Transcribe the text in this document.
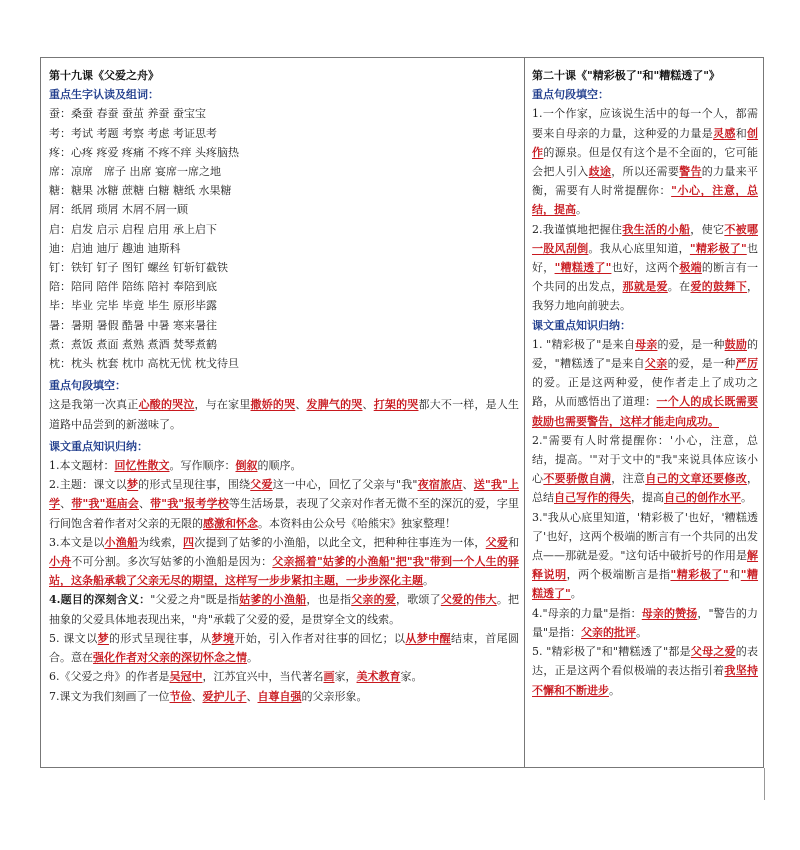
第十九课《父爱之舟》
重点生字认读及组词：
蚕：桑蚕 春蚕 蚕茧 养蚕 蚕宝宝
考：考试 考题 考察 考虑 考证思考
疼：心疼 疼爱 疼痛 不疼不痒 头疼脑热
席：凉席　席子 出席 宴席一席之地
糖：糖果 冰糖 蔗糖 白糖 糖纸 水果糖
屑：纸屑 琐屑 木屑不屑一顾
启：启发 启示 启程 启用 承上启下
迪：启迪 迪厅 趣迪 迪斯科
钉：铁钉 钉子 图钉 螺丝 钉斩钉截铁
陪：陪同 陪伴 陪练 陪衬 奉陪到底
毕：毕业 完毕 毕竟 毕生 原形毕露
暑：暑期 暑假 酷暑 中暑 寒来暑往
煮：煮饭 煮面 煮熟 煮酒 焚琴煮鹤
枕：枕头 枕套 枕巾 高枕无忧 枕戈待旦
重点句段填空：
这是我第一次真正心酸的哭泣，与在家里撒娇的哭、发脾气的哭、打架的哭都大不一样，是人生道路中品尝到的新滋味了。
课文重点知识归纳：
1.本文题材：回忆性散文。写作顺序：倒叙的顺序。
2.主题：课文以梦的形式呈现往事，围绕父爱这一中心，回忆了父亲与"我"夜宿旅店、送"我"上学、带"我"逛庙会、带"我"报考学校等生活场景，表现了父亲对作者无微不至的深沉的爱，字里行间饱含着作者对父亲的无限的感激和怀念。本资料由公众号《哈熊宋》独家整理！
3.本文是以小渔船为线索，四次提到了姑爹的小渔船，以此全文，把种种往事连为一体，父爱和小舟不可分割。多次写姑爹的小渔船是因为：父亲摇着"姑爹的小渔船"把"我"带到一个人生的驿站，这条船承载了父亲无尽的期望，这样写一步步紧扣主题，一步步深化主题。
4.题目的深刻含义："父爱之舟"既是指姑爹的小渔船，也是指父亲的爱，歌颂了父爱的伟大。把抽象的父爱具体地表现出来，"舟"承载了父爱的爱，是贯穿全文的线索。
5. 课文以梦的形式呈现往事，从梦境开始，引入作者对往事的回忆；以从梦中醒结束，首尾圆合。意在强化作者对父亲的深切怀念之情。
6.《父爱之舟》的作者是吴冠中，江苏宜兴中，当代著名画家，美术教育家。
7.课文为我们刻画了一位节俭、爱护儿子、自尊自强的父亲形象。
第二十课《"精彩极了"和"糟糕透了"》
重点句段填空：
1.一个作家，应该说生活中的每一个人，都需要来自母亲的力量，这种爱的力量是灵感和创作的源泉。但是仅有这个是不全面的，它可能会把人引入歧途，所以还需要警告的力量来平衡，需要有人时常提醒你："小心，注意，总结，提高。
2.我谨慎地把握住我生活的小船，使它不被哪一股风刮倒。我从心底里知道，"精彩极了"也好，"糟糕透了"也好，这两个极端的断言有一个共同的出发点，那就是爱。在爱的鼓舞下，我努力地向前驶去。
课文重点知识归纳：
1. "精彩极了"是来自母亲的爱，是一种鼓励的爱，"糟糕透了"是来自父亲的爱，是一种严厉的爱。正是这两种爱，使作者走上了成功之路，从而感悟出了道理：一个人的成长既需要鼓励也需要警告，这样才能走向成功。
2."需要有人时常提醒你：'小心，注意，总结，提高。'"对于文中的"我"来说具体应该小心不要骄傲自满，注意自己的文章还要修改，总结自己写作的得失，提高自己的创作水平。
3."我从心底里知道，'精彩极了'也好，'糟糕透了'也好，这两个极端的断言有一个共同的出发点——那就是爱。"这句话中破折号的作用是解释说明，两个极端断言是指"精彩极了"和"糟糕透了"。
4."母亲的力量"是指：母亲的赞扬，"警告的力量"是指：父亲的批评。
5. "精彩极了"和"糟糕透了"都是父母之爱的表达，正是这两个看似极端的表达指引着我坚持不懈和不断进步。
